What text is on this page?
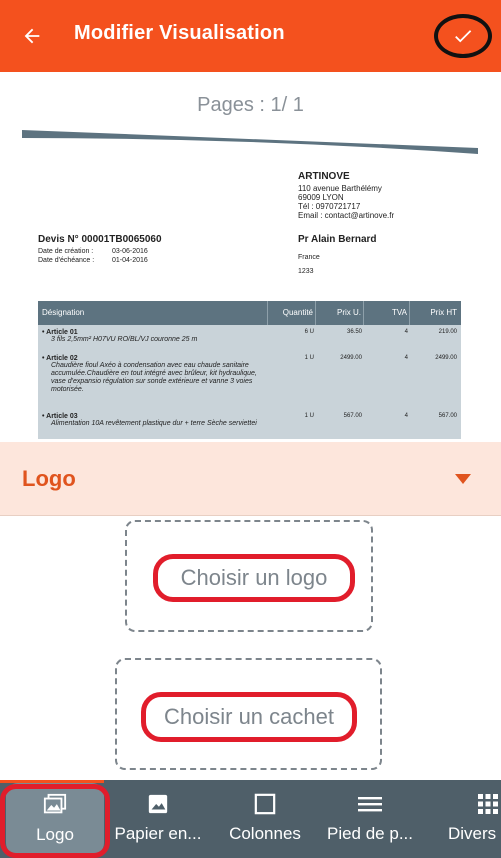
Modifier Visualisation
Pages : 1/ 1
ARTINOVE
110 avenue Barthélémy
69009 LYON
Tél : 0970721717
Email : contact@artinove.fr
Devis N° 00001TB0065060
Date de création :	03-06-2016
Date d'échéance :	01-04-2016
Pr Alain Bernard
France
1233
Désignation	Quantité	Prix U.	TVA	Prix HT
• Article 01
3 fils 2,5mm² H07VU RO/BL/VJ couronne 25 m
6 U	36.50	4	219.00
• Article 02
Chaudière fioul Axéo à condensation avec eau chaude sanitaire accumulée.Chaudière en tout intégré avec brûleur, kit hydraulique, vase d'expansio régulation sur sonde extérieure et vanne 3 voies motorisée.
1 U	2499.00	4	2499.00
• Article 03
Alimentation 10A revêtement plastique dur + terre Sèche serviettei
1 U	567.00	4	567.00
Logo
Choisir un logo
Choisir un cachet
Logo Papier en... Colonnes Pied de p... Divers
